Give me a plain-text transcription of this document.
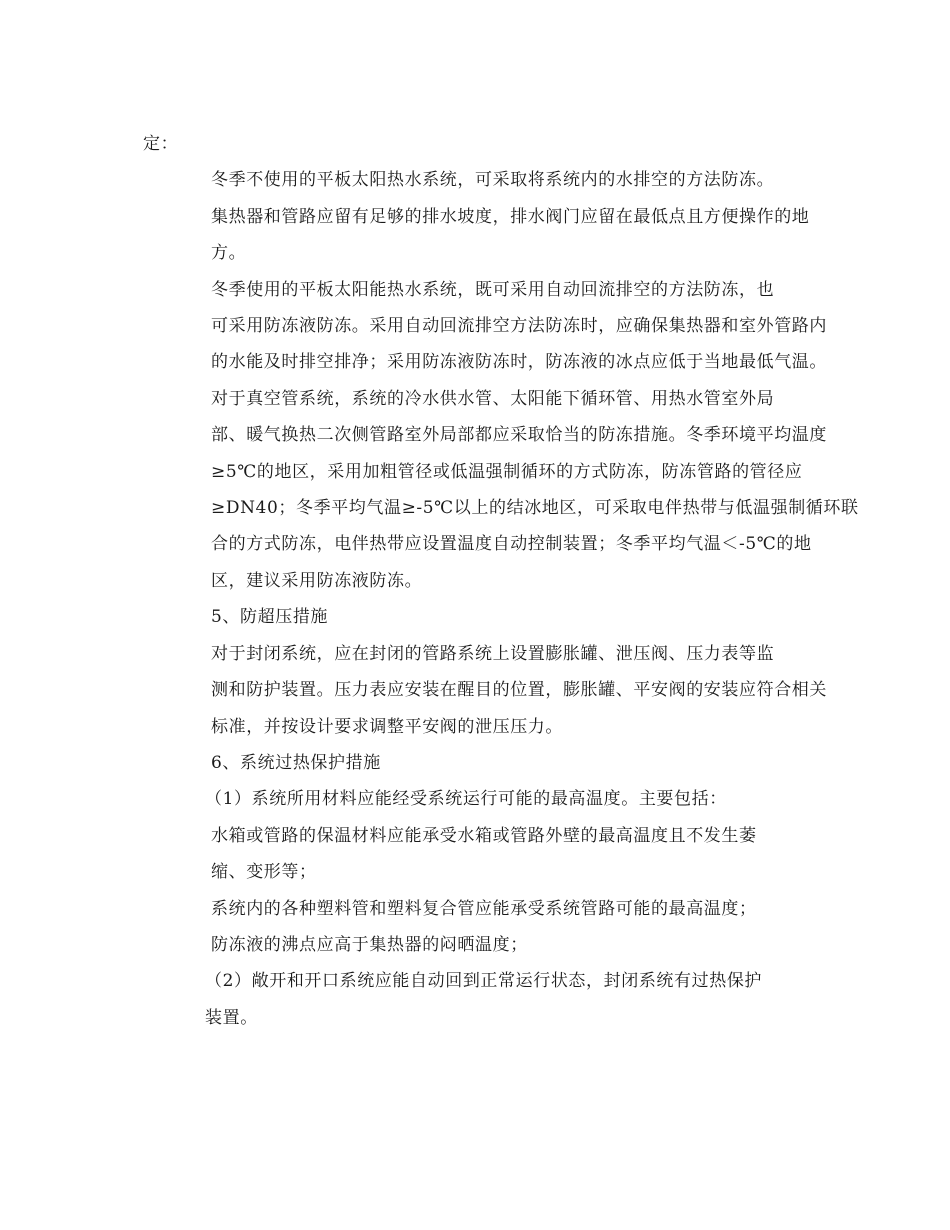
定：

冬季不使用的平板太阳热水系统，可采取将系统内的水排空的方法防冻。
集热器和管路应留有足够的排水坡度，排水阀门应留在最低点且方便操作的地
方。

冬季使用的平板太阳能热水系统，既可采用自动回流排空的方法防冻，也
可采用防冻液防冻。采用自动回流排空方法防冻时，应确保集热器和室外管路内
的水能及时排空排净；采用防冻液防冻时，防冻液的冰点应低于当地最低气温。

对于真空管系统，系统的冷水供水管、太阳能下循环管、用热水管室外局
部、暖气换热二次侧管路室外局部都应采取恰当的防冻措施。冬季环境平均温度
≥5℃的地区，采用加粗管径或低温强制循环的方式防冻，防冻管路的管径应
≥DN40；冬季平均气温≥-5℃以上的结冰地区，可采取电伴热带与低温强制循环联
合的方式防冻，电伴热带应设置温度自动控制装置；冬季平均气温＜-5℃的地
区，建议采用防冻液防冻。

5、防超压措施

对于封闭系统，应在封闭的管路系统上设置膨胀罐、泄压阀、压力表等监
测和防护装置。压力表应安装在醒目的位置，膨胀罐、平安阀的安装应符合相关
标准，并按设计要求调整平安阀的泄压压力。

6、系统过热保护措施

（1）系统所用材料应能经受系统运行可能的最高温度。主要包括：

水箱或管路的保温材料应能承受水箱或管路外壁的最高温度且不发生萎
缩、变形等；

系统内的各种塑料管和塑料复合管应能承受系统管路可能的最高温度；

防冻液的沸点应高于集热器的闷晒温度；

（2）敞开和开口系统应能自动回到正常运行状态，封闭系统有过热保护
装置。
